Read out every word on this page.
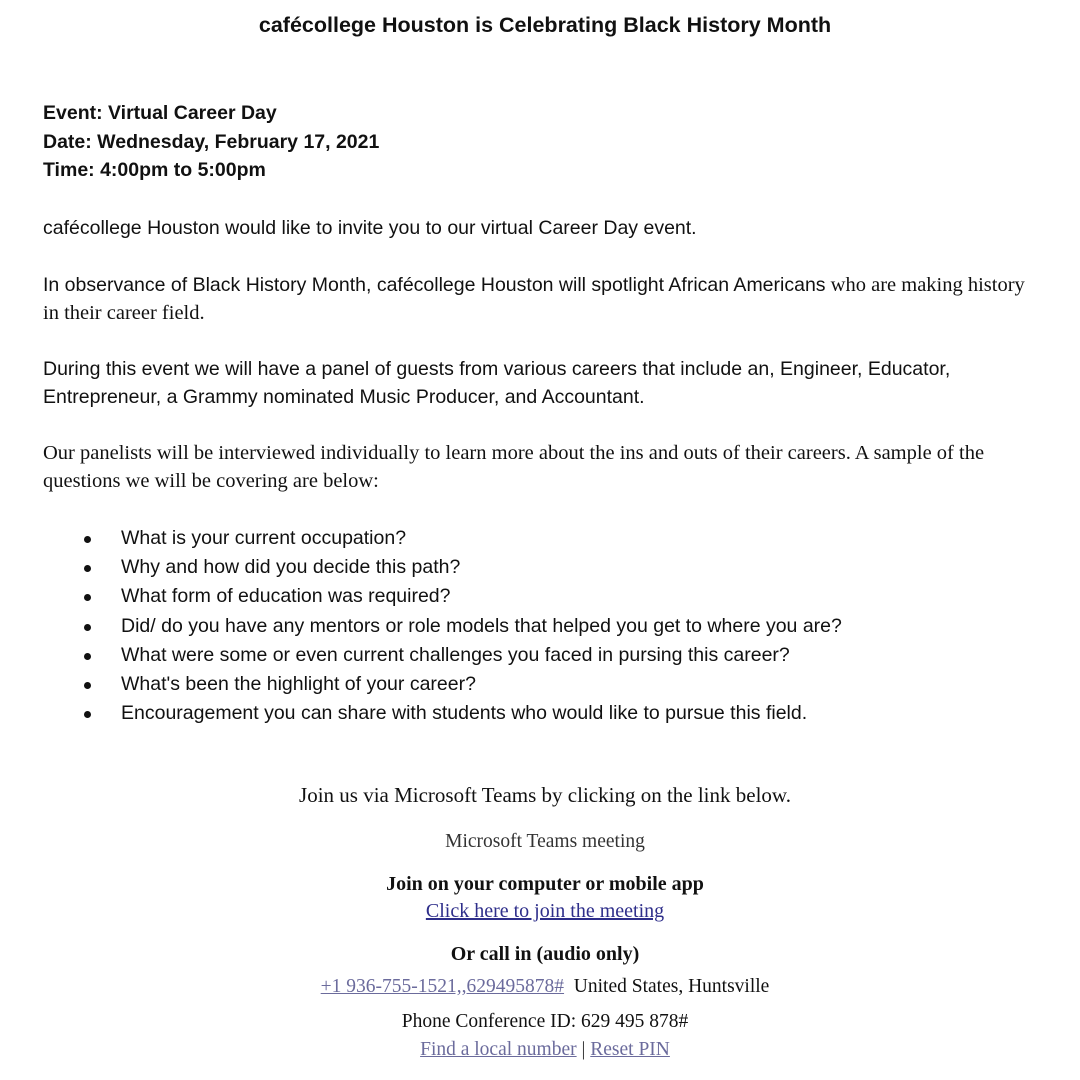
cafécollege Houston is Celebrating Black History Month
Event: Virtual Career Day
Date: Wednesday, February 17, 2021
Time: 4:00pm to 5:00pm
cafécollege Houston would like to invite you to our virtual Career Day event.
In observance of Black History Month, cafécollege Houston will spotlight African Americans who are making history in their career field.
During this event we will have a panel of guests from various careers that include an, Engineer, Educator, Entrepreneur, a Grammy nominated Music Producer, and Accountant.
Our panelists will be interviewed individually to learn more about the ins and outs of their careers. A sample of the questions we will be covering are below:
What is your current occupation?
Why and how did you decide this path?
What form of education was required?
Did/ do you have any mentors or role models that helped you get to where you are?
What were some or even current challenges you faced in pursing this career?
What's been the highlight of your career?
Encouragement you can share with students who would like to pursue this field.
Join us via Microsoft Teams by clicking on the link below.
Microsoft Teams meeting
Join on your computer or mobile app
Click here to join the meeting
Or call in (audio only)
+1 936-755-1521,,629495878# United States, Huntsville
Phone Conference ID: 629 495 878#
Find a local number | Reset PIN
